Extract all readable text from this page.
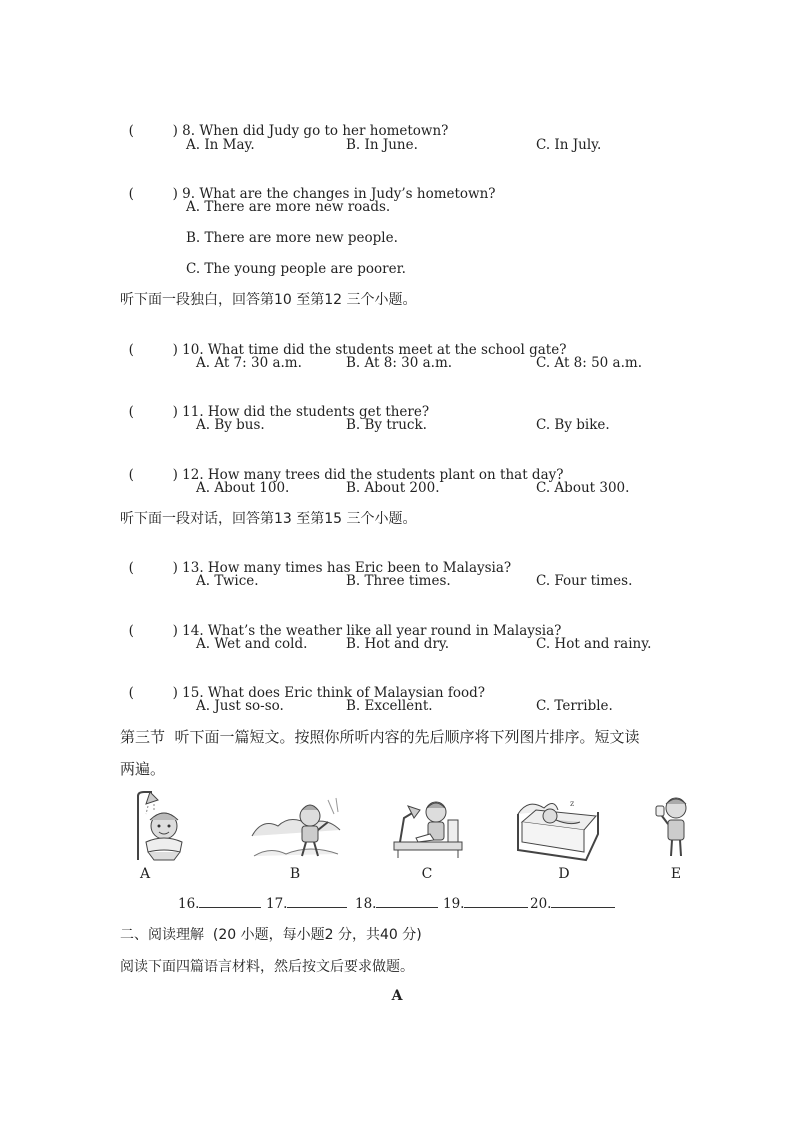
(	) 8. When did Judy go to her hometown?

A. In May.	B. In June.	C. In July.

(	) 9. What are the changes in Judy’s hometown?

A. There are more new roads.
B. There are more new people.
C. The young people are poorer.
听下面一段独白，回答第10 至第12 三个小题。

(	) 10. What time did the students meet at the school gate?

A. At 7: 30 a.m.	B. At 8: 30 a.m.	C. At 8: 50 a.m.

(	) 11. How did the students get there?

A. By bus.	B. By truck.	C. By bike.

(	) 12. How many trees did the students plant on that day?

A. About 100.	B. About 200.	C. About 300.
听下面一段对话，回答第13 至第15 三个小题。

(	) 13. How many times has Eric been to Malaysia?

A. Twice.	B. Three times.	C. Four times.

(	) 14. What’s the weather like all year round in Malaysia?

A. Wet and cold.	B. Hot and dry.	C. Hot and rainy.

(	) 15. What does Eric think of Malaysian food?

A. Just so-so.	B. Excellent.	C. Terrible.
第三节  听下面一篇短文。按照你所听内容的先后顺序将下列图片排序。短文读
两遍。
A	B	C
z
D	E
16.	17.	18.	19.	20.
二、阅读理解  (20 小题，每小题2 分，共40 分)
阅读下面四篇语言材料，然后按文后要求做题。
A
